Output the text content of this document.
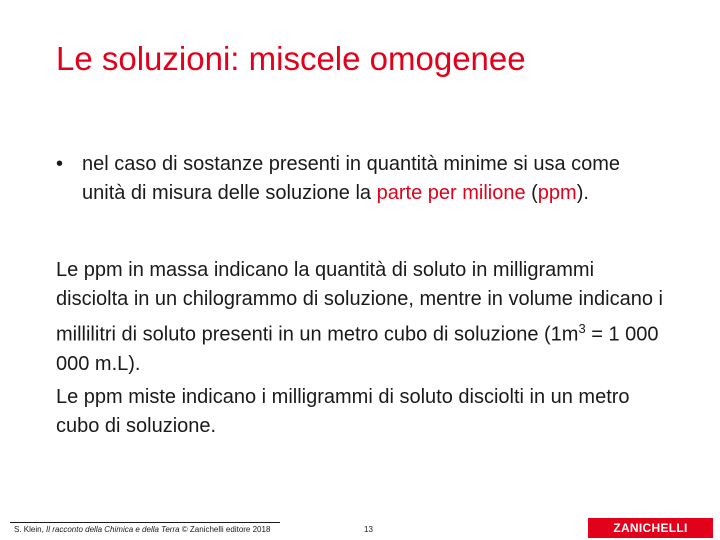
Le soluzioni: miscele omogenee
• nel caso di sostanze presenti in quantità minime si usa come unità di misura delle soluzione la parte per milione (ppm).

Le ppm in massa indicano la quantità di soluto in milligrammi disciolta in un chilogrammo di soluzione, mentre in volume indicano i millilitri di soluto presenti in un metro cubo di soluzione ($1m^3 = 1$ 000 000 m.L).

Le ppm miste indicano i milligrammi di soluto disciolti in un metro cubo di soluzione.

S. Klein, Il racconto della Chimica e della Terra © Zanichelli editore 2018	13	ZANICHELLI
